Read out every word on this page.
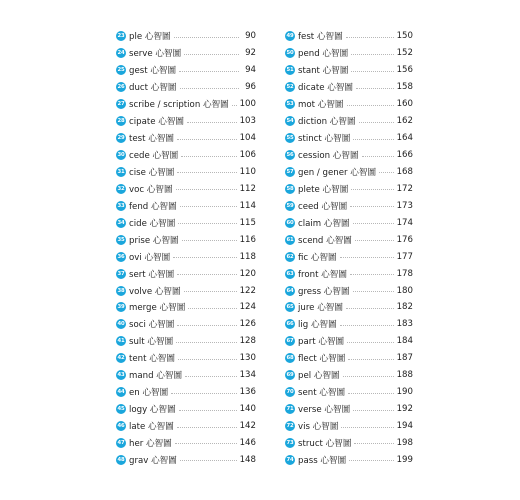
23 ple 心智圖	90
24 serve 心智圖	92
25 gest 心智圖	94
26 duct 心智圖	96
27 scribe / scription 心智圖 100
28 cipate 心智圖	103
29 test 心智圖	104
30 cede 心智圖	106
31 cise 心智圖	110
32 voc 心智圖	112
33 fend 心智圖	114
34 cide 心智圖	115
35 prise 心智圖	116
36 ovi 心智圖	118
37 sert 心智圖	120
38 volve 心智圖	122
39 merge 心智圖	124
40 soci 心智圖	126
41 sult 心智圖	128
42 tent 心智圖	130
43 mand 心智圖	134
44 en 心智圖	136
45 logy 心智圖	140
46 late 心智圖	142
47 her 心智圖	146
48 grav 心智圖	148
49 fest 心智圖	150
50 pend 心智圖	152
51 stant 心智圖	156
52 dicate 心智圖	158
53 mot 心智圖	160
54 diction 心智圖	162
55 stinct 心智圖	164
56 cession 心智圖	166
57 gen / gener 心智圖 168
58 plete 心智圖	172
59 ceed 心智圖	173
60 claim 心智圖	174
61 scend 心智圖	176
62 fic 心智圖	177
63 front 心智圖	178
64 gress 心智圖	180
65 jure 心智圖	182
66 lig 心智圖	183
67 part 心智圖	184
68 flect 心智圖	187
69 pel 心智圖	188
70 sent 心智圖	190
71 verse 心智圖	192
72 vis 心智圖	194
73 struct 心智圖	198
74 pass 心智圖	199
